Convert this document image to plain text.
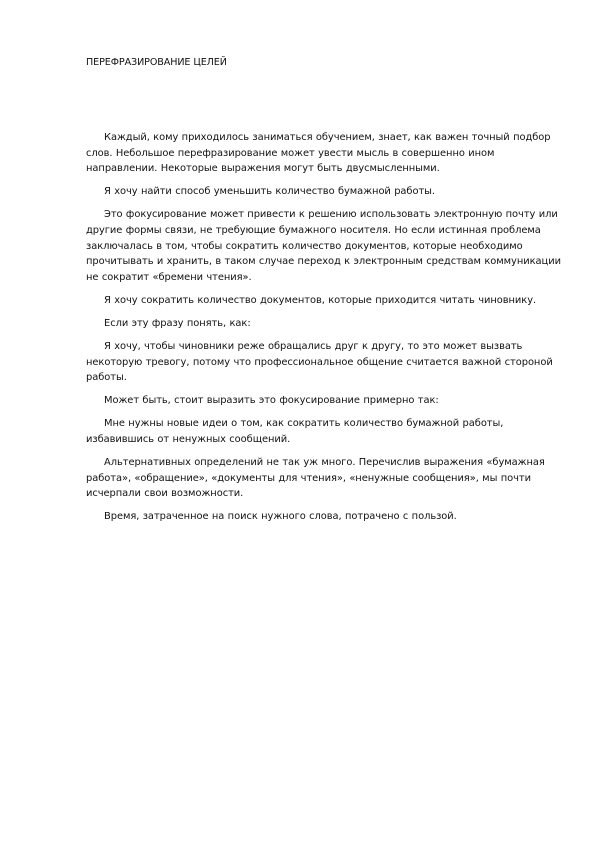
ПЕРЕФРАЗИРОВАНИЕ ЦЕЛЕЙ

Каждый, кому приходилось заниматься обучением, знает, как важен точный подбор слов. Небольшое перефразирование может увести мысль в совершенно ином направлении. Некоторые выражения могут быть двусмысленными.

Я хочу найти способ уменьшить количество бумажной работы.

Это фокусирование может привести к решению использовать электронную почту или другие формы связи, не требующие бумажного носителя. Но если истинная проблема заключалась в том, чтобы сократить количество документов, которые необходимо прочитывать и хранить, в таком случае переход к электронным средствам коммуникации не сократит «бремени чтения».

Я хочу сократить количество документов, которые приходится читать чиновнику.

Если эту фразу понять, как:

Я хочу, чтобы чиновники реже обращались друг к другу, то это может вызвать некоторую тревогу, потому что профессиональное общение считается важной стороной работы.

Может быть, стоит выразить это фокусирование примерно так:

Мне нужны новые идеи о том, как сократить количество бумажной работы, избавившись от ненужных сообщений.

Альтернативных определений не так уж много. Перечислив выражения «бумажная работа», «обращение», «документы для чтения», «ненужные сообщения», мы почти исчерпали свои возможности.

Время, затраченное на поиск нужного слова, потрачено с пользой.
